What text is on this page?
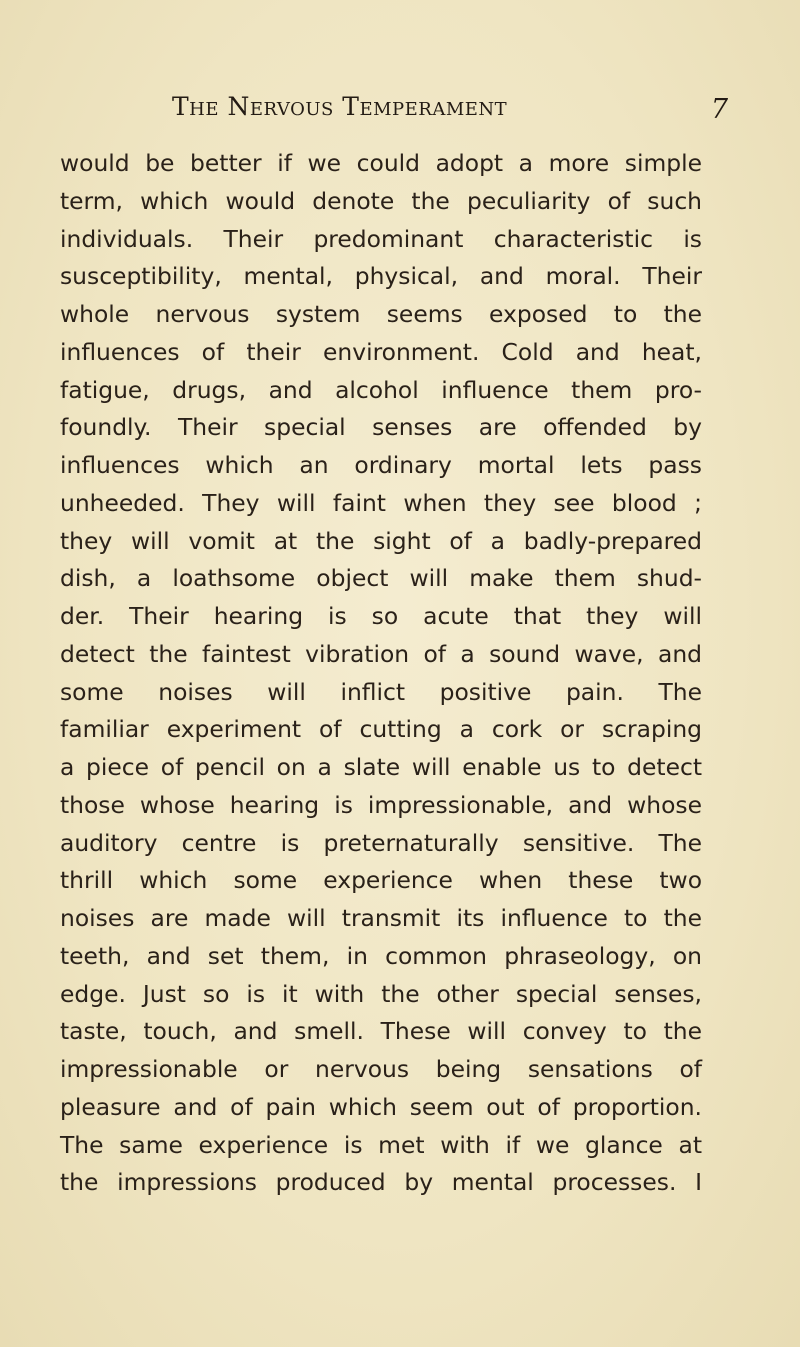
The Nervous Temperament	7
would be better if we could adopt a more simple
term, which would denote the peculiarity of such
individuals. Their predominant characteristic is
susceptibility, mental, physical, and moral. Their
whole nervous system seems exposed to the
influences of their environment. Cold and heat,
fatigue, drugs, and alcohol influence them pro-
foundly. Their special senses are offended by
influences which an ordinary mortal lets pass
unheeded. They will faint when they see blood ;
they will vomit at the sight of a badly-prepared
dish, a loathsome object will make them shud-
der. Their hearing is so acute that they will
detect the faintest vibration of a sound wave, and
some noises will inflict positive pain. The
familiar experiment of cutting a cork or scraping
a piece of pencil on a slate will enable us to detect
those whose hearing is impressionable, and whose
auditory centre is preternaturally sensitive. The
thrill which some experience when these two
noises are made will transmit its influence to the
teeth, and set them, in common phraseology, on
edge. Just so is it with the other special senses,
taste, touch, and smell. These will convey to the
impressionable or nervous being sensations of
pleasure and of pain which seem out of proportion.
The same experience is met with if we glance at
the impressions produced by mental processes. I
